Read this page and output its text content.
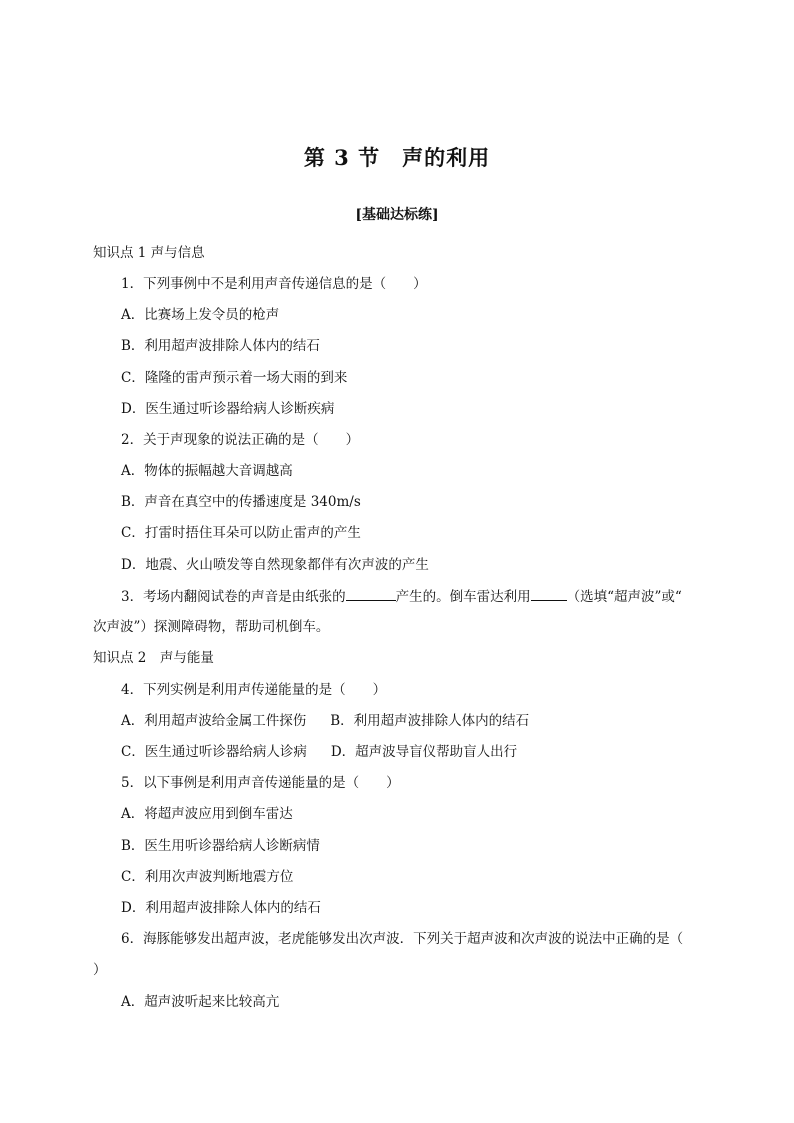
第 3 节　声的利用
[基础达标练]
知识点 1 声与信息
1．下列事例中不是利用声音传递信息的是（　　）
A．比赛场上发令员的枪声
B．利用超声波排除人体内的结石
C．隆隆的雷声预示着一场大雨的到来
D．医生通过听诊器给病人诊断疾病
2．关于声现象的说法正确的是（　　）
A．物体的振幅越大音调越高
B．声音在真空中的传播速度是 340m/s
C．打雷时捂住耳朵可以防止雷声的产生
D．地震、火山喷发等自然现象都伴有次声波的产生
3．考场内翻阅试卷的声音是由纸张的	产生的。倒车雷达利用	（选填“超声波”或“
次声波”）探测障碍物，帮助司机倒车。
知识点 2　声与能量
4．下列实例是利用声传递能量的是（　　）
A．利用超声波给金属工件探伤 B．利用超声波排除人体内的结石
C．医生通过听诊器给病人诊病 D．超声波导盲仪帮助盲人出行
5．以下事例是利用声音传递能量的是（　　）
A．将超声波应用到倒车雷达
B．医生用听诊器给病人诊断病情
C．利用次声波判断地震方位
D．利用超声波排除人体内的结石
6．海豚能够发出超声波，老虎能够发出次声波．下列关于超声波和次声波的说法中正确的是（
）
A．超声波听起来比较高亢
